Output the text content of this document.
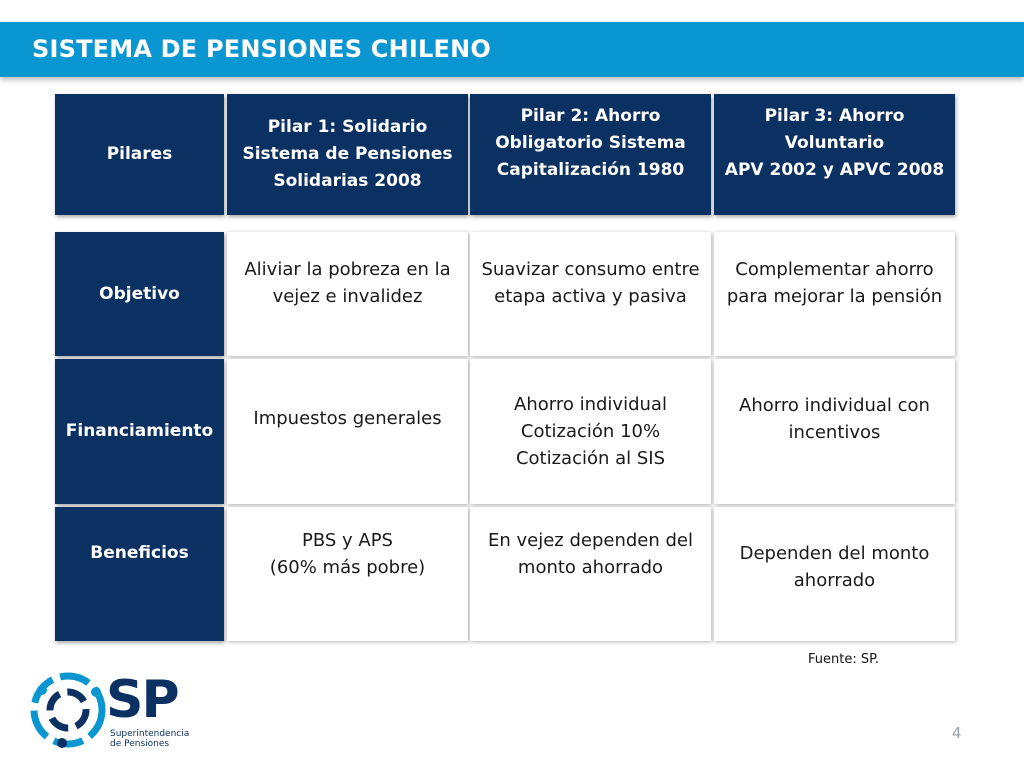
SISTEMA DE PENSIONES CHILENO
Pilares
Pilar 1: Solidario
Sistema de Pensiones
Solidarias 2008
Pilar 2: Ahorro
Obligatorio Sistema
Capitalización 1980
Pilar 3: Ahorro
Voluntario
APV 2002 y APVC 2008
Objetivo
Aliviar la pobreza en la
vejez e invalidez
Suavizar consumo entre
etapa activa y pasiva
Complementar ahorro
para mejorar la pensión
Financiamiento
Impuestos generales
Ahorro individual
Cotización 10%
Cotización al SIS
Ahorro individual con
incentivos
Beneficios
PBS y APS
(60% más pobre)
En vejez dependen del
monto ahorrado
Dependen del monto
ahorrado
Fuente: SP.
4
SP
Superintendencia de Pensiones
